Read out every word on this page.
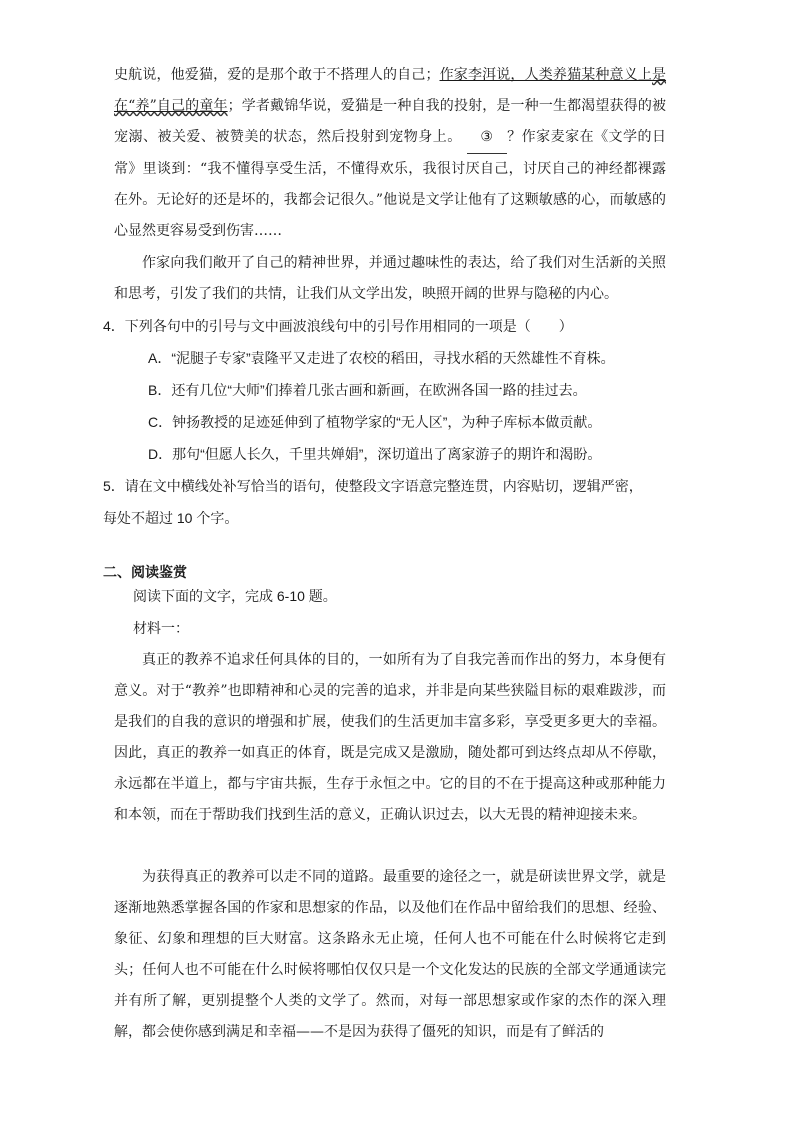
史航说，他爱猫，爱的是那个敢于不搭理人的自己；作家李洱说，人类养猫某种意义上是在“养”自己的童年；学者戴锦华说，爱猫是一种自我的投射，是一种一生都渴望获得的被宠溺、被关爱、被赞美的状态，然后投射到宠物身上。 ③ ？作家麦家在《文学的日常》里谈到：“我不懂得享受生活，不懂得欢乐，我很讨厌自己，讨厌自己的神经都裸露在外。无论好的还是坏的，我都会记很久。”他说是文学让他有了这颗敏感的心，而敏感的心显然更容易受到伤害……
作家向我们敞开了自己的精神世界，并通过趣味性的表达，给了我们对生活新的关照和思考，引发了我们的共情，让我们从文学出发，映照开阔的世界与隐秘的内心。
4．下列各句中的引号与文中画波浪线句中的引号作用相同的一项是（　　）
A．“泥腿子专家”袁隆平又走进了农校的稻田，寻找水稻的天然雄性不育株。
B．还有几位“大师”们捧着几张古画和新画，在欧洲各国一路的挂过去。
C．钟扬教授的足迹延伸到了植物学家的“无人区”，为种子库标本做贡献。
D．那句“但愿人长久，千里共婵娟”，深切道出了离家游子的期许和渴盼。
5．请在文中横线处补写恰当的语句，使整段文字语意完整连贯，内容贴切，逻辑严密，
每处不超过 10 个字。
二、阅读鉴赏
阅读下面的文字，完成 6-10 题。
材料一：
真正的教养不追求任何具体的目的，一如所有为了自我完善而作出的努力，本身便有意义。对于“教养”也即精神和心灵的完善的追求，并非是向某些狭隘目标的艰难跋涉，而是我们的自我的意识的增强和扩展，使我们的生活更加丰富多彩，享受更多更大的幸福。因此，真正的教养一如真正的体育，既是完成又是激励，随处都可到达终点却从不停歇，永远都在半道上，都与宇宙共振，生存于永恒之中。它的目的不在于提高这种或那种能力和本领，而在于帮助我们找到生活的意义，正确认识过去，以大无畏的精神迎接未来。
为获得真正的教养可以走不同的道路。最重要的途径之一，就是研读世界文学，就是逐渐地熟悉掌握各国的作家和思想家的作品，以及他们在作品中留给我们的思想、经验、象征、幻象和理想的巨大财富。这条路永无止境，任何人也不可能在什么时候将它走到头；任何人也不可能在什么时候将哪怕仅仅只是一个文化发达的民族的全部文学通通读完并有所了解，更别提整个人类的文学了。然而，对每一部思想家或作家的杰作的深入理解，都会使你感到满足和幸福——不是因为获得了僵死的知识，而是有了鲜活的
